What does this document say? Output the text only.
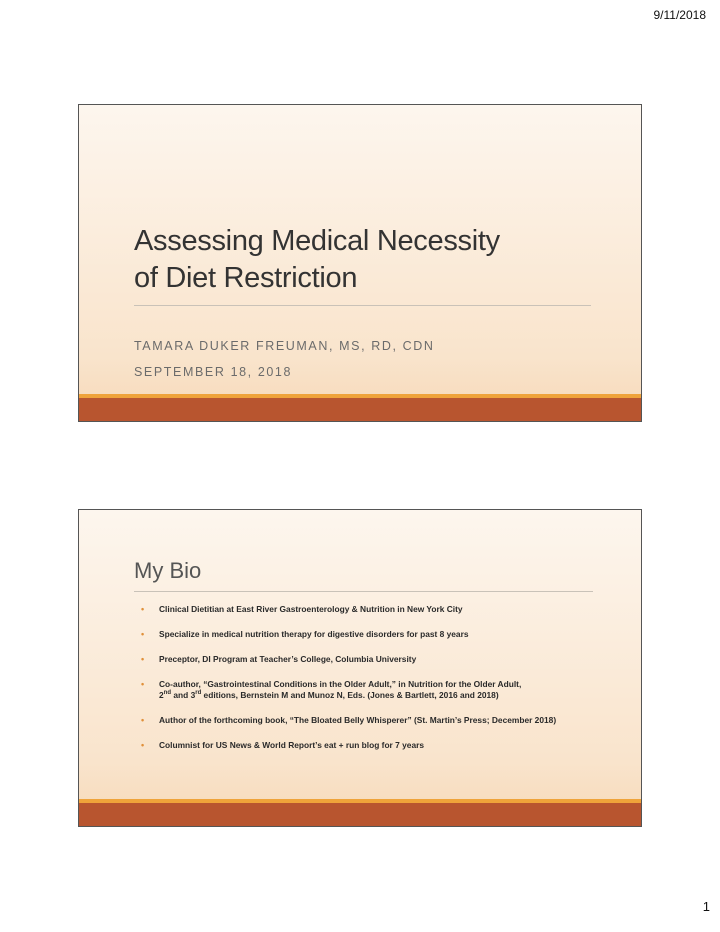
9/11/2018
Assessing Medical Necessity
of Diet Restriction
TAMARA DUKER FREUMAN, MS, RD, CDN
SEPTEMBER 18, 2018
My Bio
• Clinical Dietitian at East River Gastroenterology & Nutrition in New York City
• Specialize in medical nutrition therapy for digestive disorders for past 8 years
• Preceptor, DI Program at Teacher’s College, Columbia University
• Co-author, “Gastrointestinal Conditions in the Older Adult,” in Nutrition for the Older Adult,
2nd and 3rd editions, Bernstein M and Munoz N, Eds. (Jones & Bartlett, 2016 and 2018)
• Author of the forthcoming book, “The Bloated Belly Whisperer” (St. Martin’s Press; December 2018)
• Columnist for US News & World Report’s eat + run blog for 7 years
1
